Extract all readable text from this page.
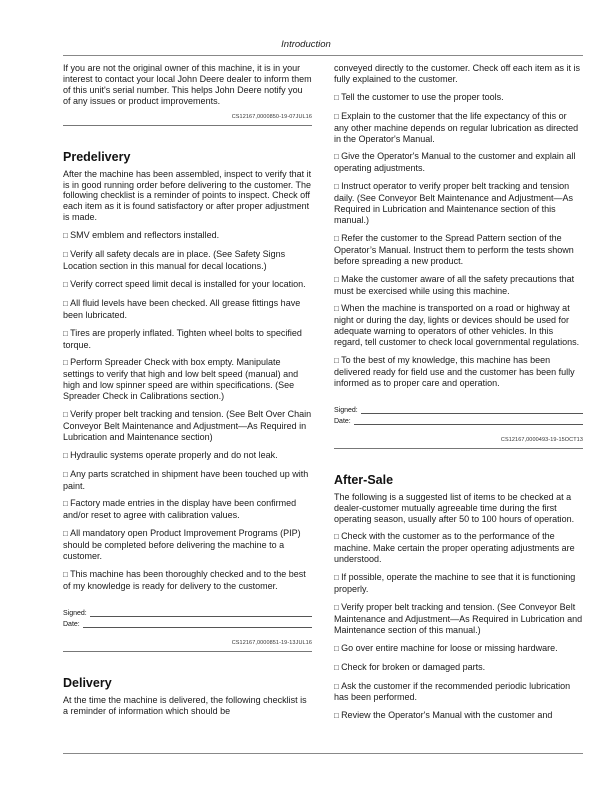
Introduction

If you are not the original owner of this machine, it is in your interest to contact your local John Deere dealer to inform them of this unit's serial number. This helps John Deere notify you of any issues or product improvements.

CS12167,0000850-19-07JUL16
Predelivery

After the machine has been assembled, inspect to verify that it is in good running order before delivering to the customer. The following checklist is a reminder of points to inspect. Check off each item as it is found satisfactory or after proper adjustment is made.

□ SMV emblem and reflectors installed.

□ Verify all safety decals are in place. (See Safety Signs Location section in this manual for decal locations.)

□ Verify correct speed limit decal is installed for your location.

□ All fluid levels have been checked. All grease fittings have been lubricated.

□ Tires are properly inflated. Tighten wheel bolts to specified torque.

□ Perform Spreader Check with box empty. Manipulate settings to verify that high and low belt speed (manual) and high and low spinner speed are within specifications. (See Spreader Check in Calibrations section.)

□ Verify proper belt tracking and tension. (See Belt Over Chain Conveyor Belt Maintenance and Adjustment—As Required in Lubrication and Maintenance section)

□ Hydraulic systems operate properly and do not leak.

□ Any parts scratched in shipment have been touched up with paint.

□ Factory made entries in the display have been confirmed and/or reset to agree with calibration values.

□ All mandatory open Product Improvement Programs (PIP) should be completed before delivering the machine to a customer.

□ This machine has been thoroughly checked and to the best of my knowledge is ready for delivery to the customer.

Signed:
Date:
CS12167,0000851-19-13JUL16
Delivery

At the time the machine is delivered, the following checklist is a reminder of information which should be

conveyed directly to the customer. Check off each item as it is fully explained to the customer.

□ Tell the customer to use the proper tools.

□ Explain to the customer that the life expectancy of this or any other machine depends on regular lubrication as directed in the Operator's Manual.

□ Give the Operator's Manual to the customer and explain all operating adjustments.

□ Instruct operator to verify proper belt tracking and tension daily. (See Conveyor Belt Maintenance and Adjustment—As Required in Lubrication and Maintenance section of this manual.)

□ Refer the customer to the Spread Pattern section of the Operator’s Manual. Instruct them to perform the tests shown before spreading a new product.

□ Make the customer aware of all the safety precautions that must be exercised while using this machine.

□ When the machine is transported on a road or highway at night or during the day, lights or devices should be used for adequate warning to operators of other vehicles. In this regard, tell customer to check local governmental regulations.

□ To the best of my knowledge, this machine has been delivered ready for field use and the customer has been fully informed as to proper care and operation.

Signed:
Date:
CS12167,0000493-19-15OCT13
After-Sale

The following is a suggested list of items to be checked at a dealer-customer mutually agreeable time during the first operating season, usually after 50 to 100 hours of operation.

□ Check with the customer as to the performance of the machine. Make certain the proper operating adjustments are understood.

□ If possible, operate the machine to see that it is functioning properly.

□ Verify proper belt tracking and tension. (See Conveyor Belt Maintenance and Adjustment—As Required in Lubrication and Maintenance section of this manual.)

□ Go over entire machine for loose or missing hardware.

□ Check for broken or damaged parts.

□ Ask the customer if the recommended periodic lubrication has been performed.

□ Review the Operator's Manual with the customer and
